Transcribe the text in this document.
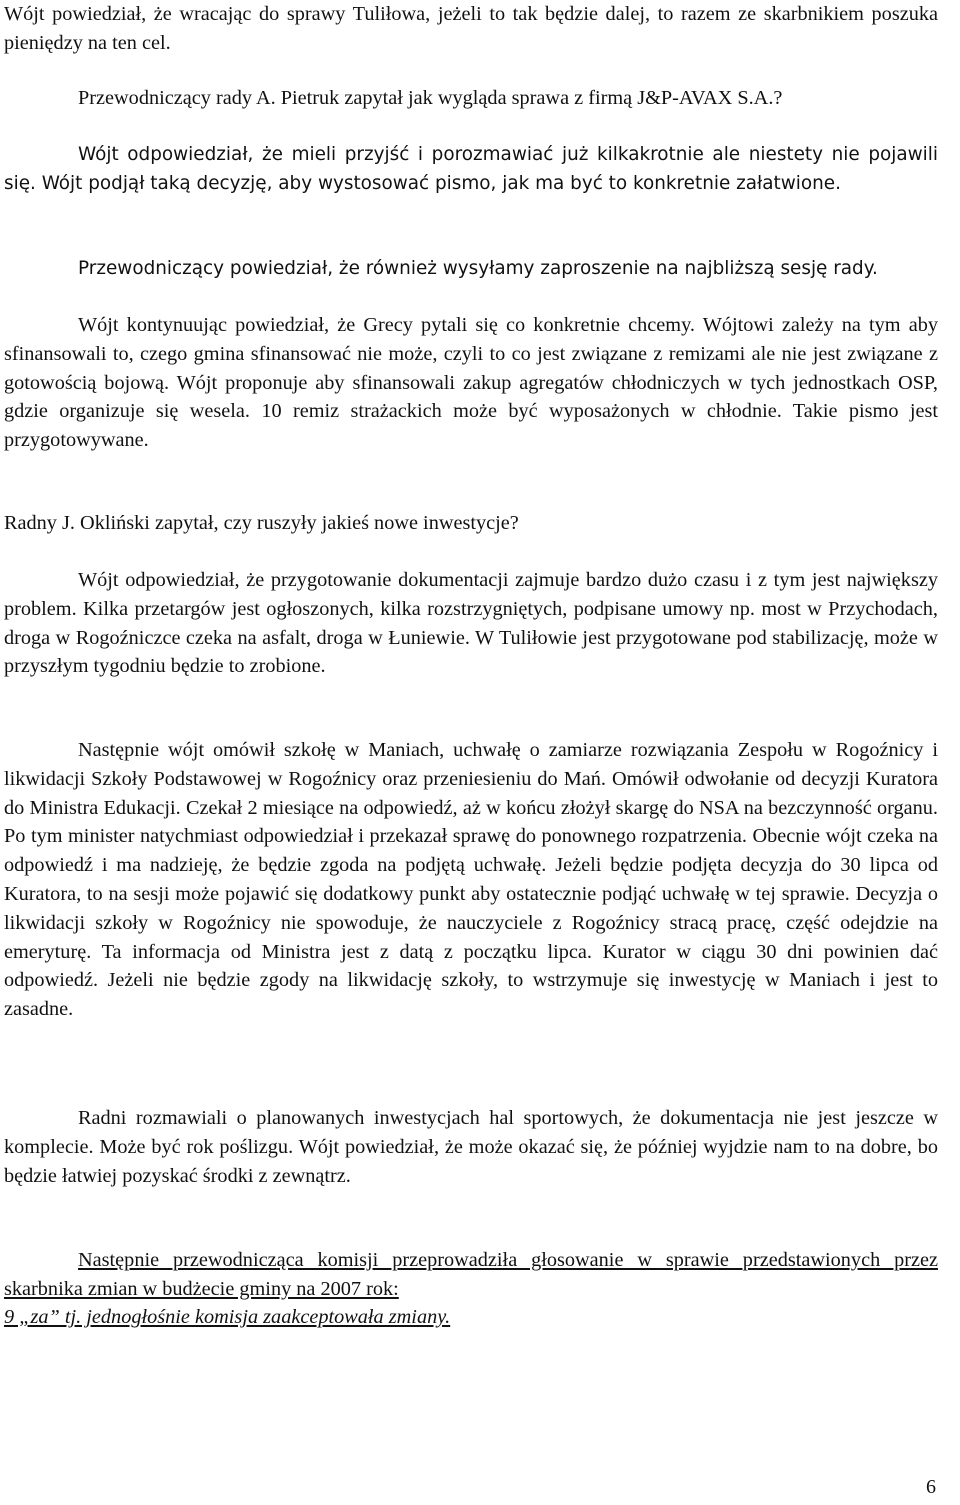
Wójt powiedział, że wracając do sprawy Tuliłowa, jeżeli to tak będzie dalej, to razem ze skarbnikiem poszuka pieniędzy na ten cel.

Przewodniczący rady A. Pietruk zapytał jak wygląda sprawa z firmą J&P-AVAX S.A.?

Wójt odpowiedział, że mieli przyjść i porozmawiać już kilkakrotnie ale niestety nie pojawili się. Wójt podjął taką decyzję, aby wystosować pismo, jak ma być to konkretnie załatwione.

Przewodniczący powiedział, że również wysyłamy zaproszenie na najbliższą sesję rady.

Wójt kontynuując powiedział, że Grecy pytali się co konkretnie chcemy. Wójtowi zależy na tym aby sfinansowali to, czego gmina sfinansować nie może, czyli to co jest związane z remizami ale nie jest związane z gotowością bojową. Wójt proponuje aby sfinansowali zakup agregatów chłodniczych w tych jednostkach OSP, gdzie organizuje się wesela. 10 remiz strażackich może być wyposażonych w chłodnie. Takie pismo jest przygotowywane.

Radny J. Okliński zapytał, czy ruszyły jakieś nowe inwestycje?

Wójt odpowiedział, że przygotowanie dokumentacji zajmuje bardzo dużo czasu i z tym jest największy problem. Kilka przetargów jest ogłoszonych, kilka rozstrzygniętych, podpisane umowy np. most w Przychodach, droga w Rogoźniczce czeka na asfalt, droga w Łuniewie. W Tuliłowie jest przygotowane pod stabilizację, może w przyszłym tygodniu będzie to zrobione.

Następnie wójt omówił szkołę w Maniach, uchwałę o zamiarze rozwiązania Zespołu w Rogoźnicy i likwidacji Szkoły Podstawowej w Rogoźnicy oraz przeniesieniu do Mań. Omówił odwołanie od decyzji Kuratora do Ministra Edukacji. Czekał 2 miesiące na odpowiedź, aż w końcu złożył skargę do NSA na bezczynność organu. Po tym minister natychmiast odpowiedział i przekazał sprawę do ponownego rozpatrzenia. Obecnie wójt czeka na odpowiedź i ma nadzieję, że będzie zgoda na podjętą uchwałę. Jeżeli będzie podjęta decyzja do 30 lipca od Kuratora, to na sesji może pojawić się dodatkowy punkt aby ostatecznie podjąć uchwałę w tej sprawie. Decyzja o likwidacji szkoły w Rogoźnicy nie spowoduje, że nauczyciele z Rogoźnicy stracą pracę, część odejdzie na emeryturę. Ta informacja od Ministra jest z datą z początku lipca. Kurator w ciągu 30 dni powinien dać odpowiedź. Jeżeli nie będzie zgody na likwidację szkoły, to wstrzymuje się inwestycję w Maniach i jest to zasadne.

Radni rozmawiali o planowanych inwestycjach hal sportowych, że dokumentacja nie jest jeszcze w komplecie. Może być rok poślizgu. Wójt powiedział, że może okazać się, że później wyjdzie nam to na dobre, bo będzie łatwiej pozyskać środki z zewnątrz.

Następnie przewodnicząca komisji przeprowadziła głosowanie w sprawie przedstawionych przez skarbnika zmian w budżecie gminy na 2007 rok:

9 „za” tj. jednogłośnie komisja zaakceptowała zmiany.

6
